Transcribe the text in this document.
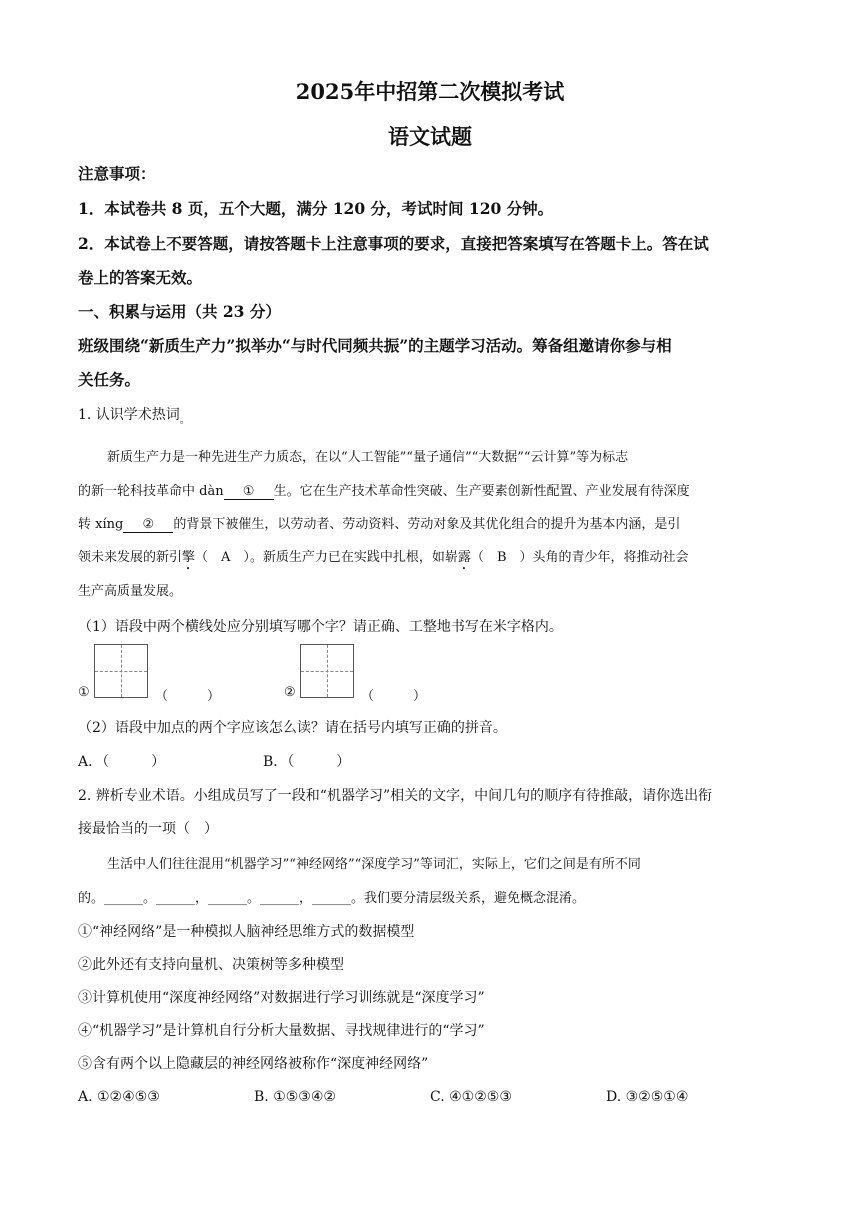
2025年中招第二次模拟考试
语文试题
注意事项：
1．本试卷共 8 页，五个大题，满分 120 分，考试时间 120 分钟。
2．本试卷上不要答题，请按答题卡上注意事项的要求，直接把答案填写在答题卡上。答在试
卷上的答案无效。
一、积累与运用（共 23 分）
班级围绕“新质生产力”拟举办“与时代同频共振”的主题学习活动。筹备组邀请你参与相
关任务。
1. 认识学术热词$_。$
新质生产力是一种先进生产力质态，在以“人工智能”“量子通信”“大数据”“云计算”等为标志
的新一轮科技革命中 dàn ① 生。它在生产技术革命性突破、生产要素创新性配置、产业发展有待深度
转 xíng ② 的背景下被催生，以劳动者、劳动资料、劳动对象及其优化组合的提升为基本内涵，是引
领未来发展的新引擎（　A　）。新质生产力已在实践中扎根，如崭露（　B　）头角的青少年，将推动社会
生产高质量发展。
（1）语段中两个横线处应分别填写哪个字？请正确、工整地书写在米字格内。
①	（　　　）	②	（　　　）
（2）语段中加点的两个字应该怎么读？请在括号内填写正确的拼音。
A．（　　　）	B．（　　　）
2. 辨析专业术语。小组成员写了一段和“机器学习”相关的文字，中间几句的顺序有待推敲，请你选出衔
接最恰当的一项（　）
生活中人们往往混用“机器学习”“神经网络”“深度学习”等词汇，实际上，它们之间是有所不同
的。______。______，______。______，______。我们要分清层级关系，避免概念混淆。
①“神经网络”是一种模拟人脑神经思维方式的数据模型
②此外还有支持向量机、决策树等多种模型
③计算机使用“深度神经网络”对数据进行学习训练就是“深度学习”
④“机器学习”是计算机自行分析大量数据、寻找规律进行的“学习”
⑤含有两个以上隐藏层的神经网络被称作“深度神经网络”
A. ①②④⑤③	B. ①⑤③④②	C. ④①②⑤③	D. ③②⑤①④
